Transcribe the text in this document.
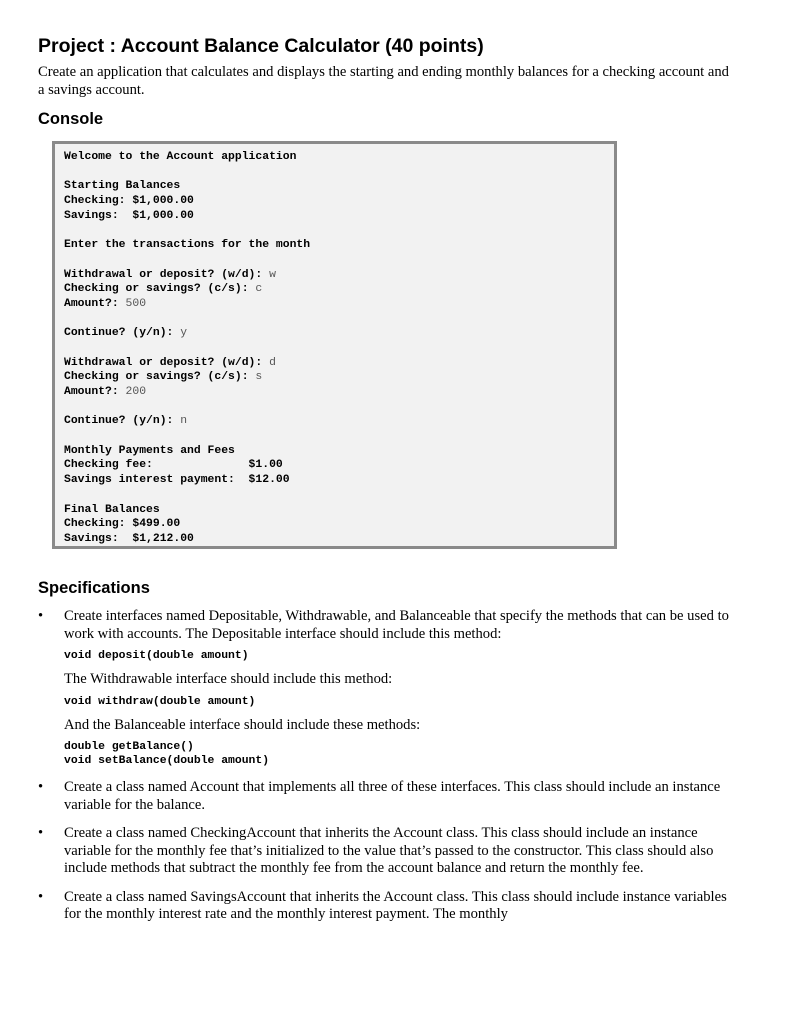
Project : Account Balance Calculator (40 points)

Create an application that calculates and displays the starting and ending monthly balances for a checking account and a savings account.

Console
Welcome to the Account application
Starting Balances
Checking: $1,000.00
Savings:  $1,000.00
Enter the transactions for the month
Withdrawal or deposit? (w/d): w
Checking or savings? (c/s): c
Amount?: 500
Continue? (y/n): y
Withdrawal or deposit? (w/d): d
Checking or savings? (c/s): s
Amount?: 200
Continue? (y/n): n
Monthly Payments and Fees
Checking fee:              $1.00
Savings interest payment:  $12.00
Final Balances
Checking: $499.00
Savings:  $1,212.00
Specifications
• Create interfaces named Depositable, Withdrawable, and Balanceable that specify the methods that can be used to work with accounts. The Depositable interface should include this method:
void deposit(double amount)
The Withdrawable interface should include this method:
void withdraw(double amount)
And the Balanceable interface should include these methods:
double getBalance()
void setBalance(double amount)
• Create a class named Account that implements all three of these interfaces. This class should include an instance variable for the balance.
• Create a class named CheckingAccount that inherits the Account class. This class should include an instance variable for the monthly fee that’s initialized to the value that’s passed to the constructor. This class should also include methods that subtract the monthly fee from the account balance and return the monthly fee.
• Create a class named SavingsAccount that inherits the Account class. This class should include instance variables for the monthly interest rate and the monthly interest payment. The monthly
